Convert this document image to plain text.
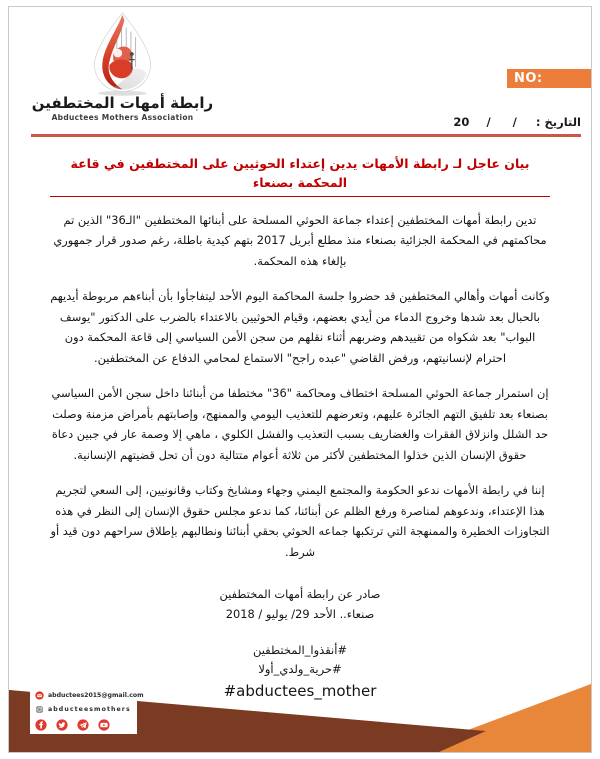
رابطة أمهات المختطفين
Abductees Mothers Association
NO:
التاريخ : / / 20
بيان عاجل لـ رابطة الأمهات يدين إعتداء الحوثيين على المختطفين في قاعة المحكمة بصنعاء

تدين رابطة أمهات المختطفين إعتداء جماعة الحوثي المسلحة على أبنائها المختطفين "الـ36" الذين تم محاكمتهم في المحكمة الجزائية بصنعاء منذ مطلع أبريل 2017 بتهم كيدية باطلة، رغم صدور قرار جمهوري بإلغاء هذه المحكمة.

وكانت أمهات وأهالي المختطفين قد حضروا جلسة المحاكمة اليوم الأحد ليتفاجأوا بأن أبناءهم مربوطة أيديهم بالحبال بعد شدها وخروج الدماء من أيدي بعضهم، وقيام الحوثيين بالاعتداء بالضرب على الدكتور "يوسف البواب" بعد شكواه من تقييدهم وضربهم أثناء نقلهم من سجن الأمن السياسي إلى قاعة المحكمة دون احترام لإنسانيتهم، ورفض القاضي "عبده راجح" الاستماع لمحامي الدفاع عن المختطفين.

إن استمرار جماعة الحوثي المسلحة اختطاف ومحاكمة "36" مختطفا من أبنائنا داخل سجن الأمن السياسي بصنعاء بعد تلفيق التهم الجائرة عليهم، وتعرضهم للتعذيب اليومي والممنهج، وإصابتهم بأمراض مزمنة وصلت حد الشلل وانزلاق الفقرات والغضاريف بسبب التعذيب والفشل الكلوي ، ماهي إلا وصمة عار في جبين دعاة حقوق الإنسان الذين خذلوا المختطفين لأكثر من ثلاثة أعوام متتالية دون أن تحل قضيتهم الإنسانية.

إننا في رابطة الأمهات ندعو الحكومة والمجتمع اليمني وجهاء ومشايخ وكتاب وقانونيين، إلى السعي لتجريم هذا الإعتداء، وندعوهم لمناصرة ورفع الظلم عن أبنائنا، كما ندعو مجلس حقوق الإنسان إلى النظر في هذه التجاوزات الخطيرة والممنهجة التي ترتكبها جماعه الحوثي بحقي أبنائنا ونطالبهم بإطلاق سراحهم دون قيد أو شرط.

صادر عن رابطة أمهات المختطفين
صنعاء.. الأحد 29/ يوليو / 2018
#أنقذوا_المختطفين
#حرية_ولدي_أولا
#abductees_mother
abductees2015@gmail.com
abducteesmothers
